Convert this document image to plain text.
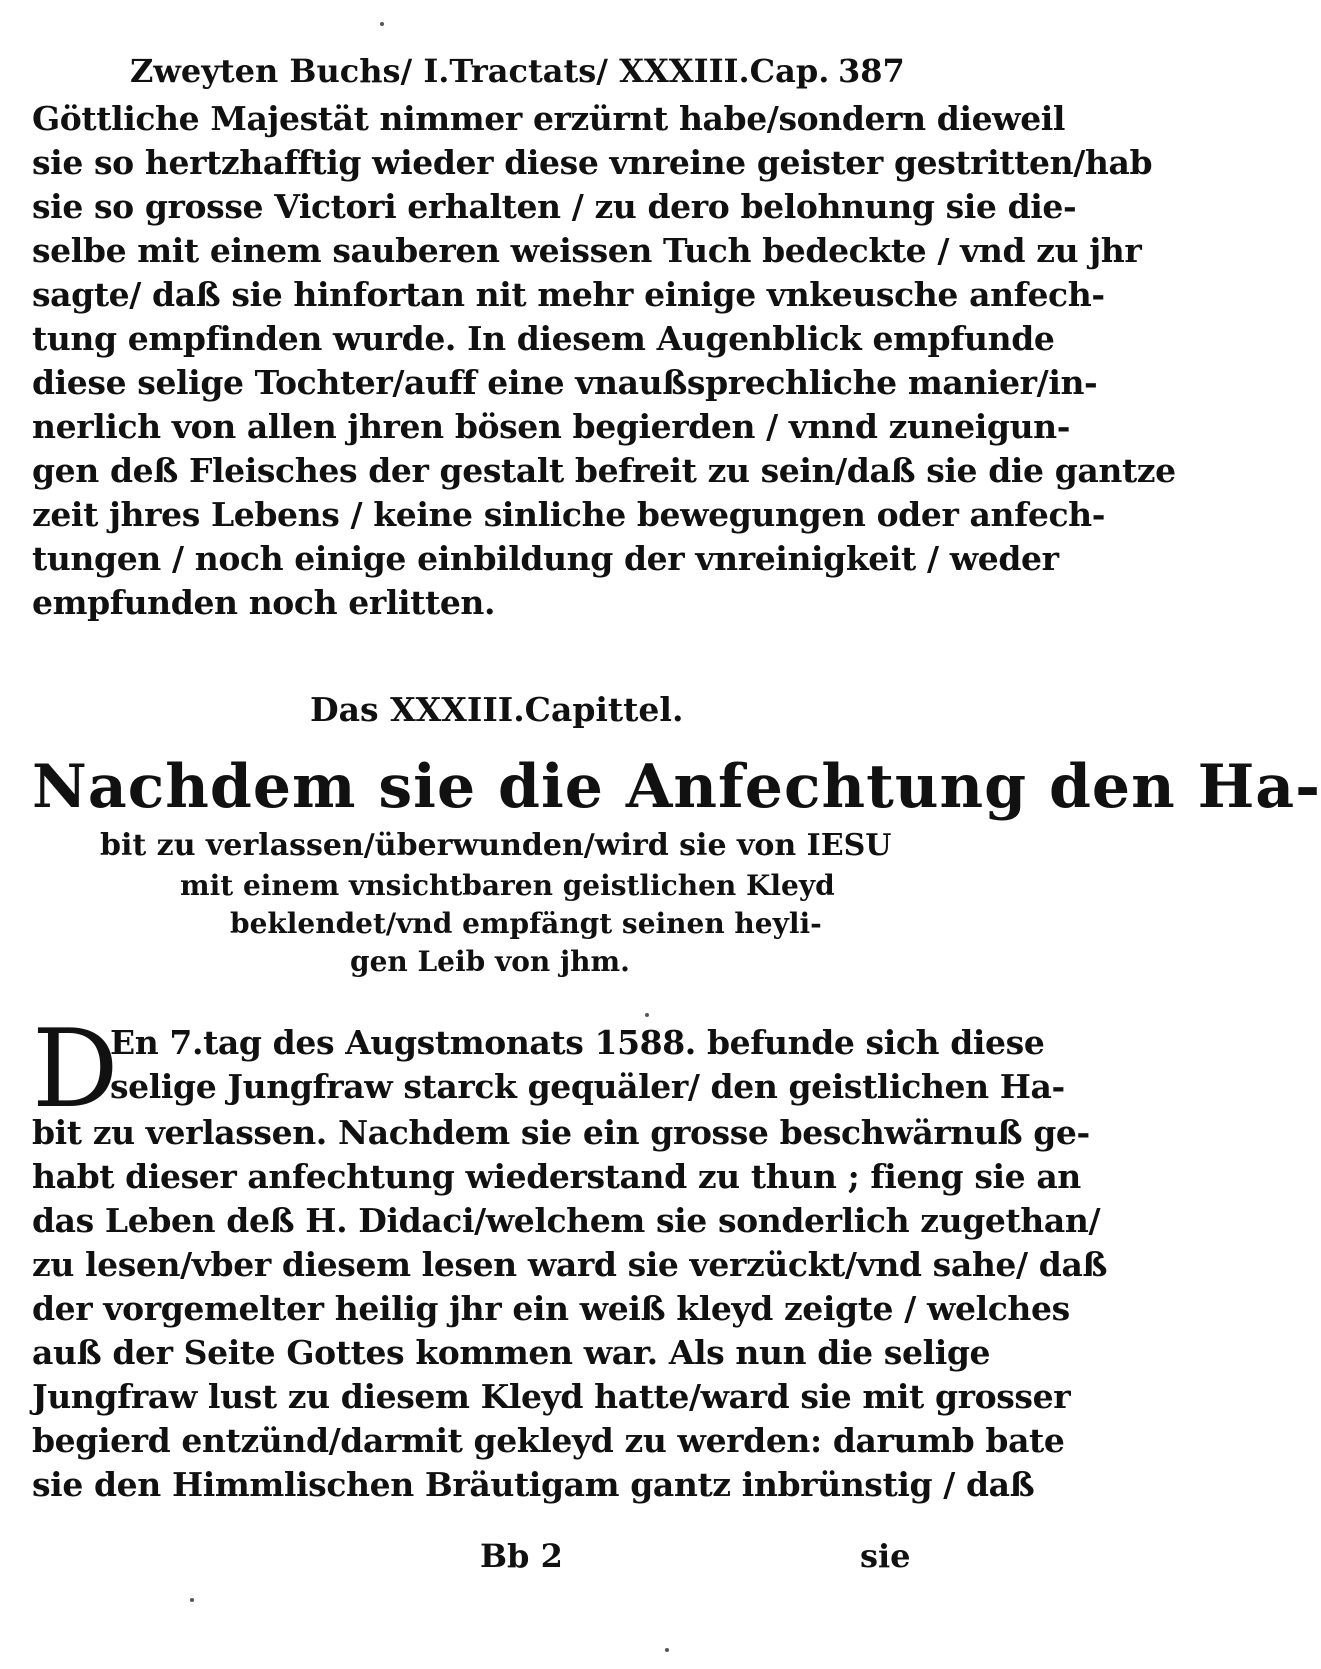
Zweyten Buchs/ I.Tractats/ XXXIII.Cap. 387
Göttliche Majestät nimmer erzürnt habe/sondern dieweil
sie so hertzhafftig wieder diese vnreine geister gestritten/hab
sie so grosse Victori erhalten / zu dero belohnung sie die-
selbe mit einem sauberen weissen Tuch bedeckte / vnd zu jhr
sagte/ daß sie hinfortan nit mehr einige vnkeusche anfech-
tung empfinden wurde. In diesem Augenblick empfunde
diese selige Tochter/auff eine vnaußsprechliche manier/in-
nerlich von allen jhren bösen begierden / vnnd zuneigun-
gen deß Fleisches der gestalt befreit zu sein/daß sie die gantze
zeit jhres Lebens / keine sinliche bewegungen oder anfech-
tungen / noch einige einbildung der vnreinigkeit / weder
empfunden noch erlitten.
Das XXXIII.Capittel.
Nachdem sie die Anfechtung den Ha-
bit zu verlassen/überwunden/wird sie von IESU
mit einem vnsichtbaren geistlichen Kleyd
beklendet/vnd empfängt seinen heyli-
gen Leib von jhm.
D
En 7.tag des Augstmonats 1588. befunde sich diese
selige Jungfraw starck gequäler/ den geistlichen Ha-
bit zu verlassen. Nachdem sie ein grosse beschwärnuß ge-
habt dieser anfechtung wiederstand zu thun ; fieng sie an
das Leben deß H. Didaci/welchem sie sonderlich zugethan/
zu lesen/vber diesem lesen ward sie verzückt/vnd sahe/ daß
der vorgemelter heilig jhr ein weiß kleyd zeigte / welches
auß der Seite Gottes kommen war. Als nun die selige
Jungfraw lust zu diesem Kleyd hatte/ward sie mit grosser
begierd entzünd/darmit gekleyd zu werden: darumb bate
sie den Himmlischen Bräutigam gantz inbrünstig / daß
Bb 2	sie
